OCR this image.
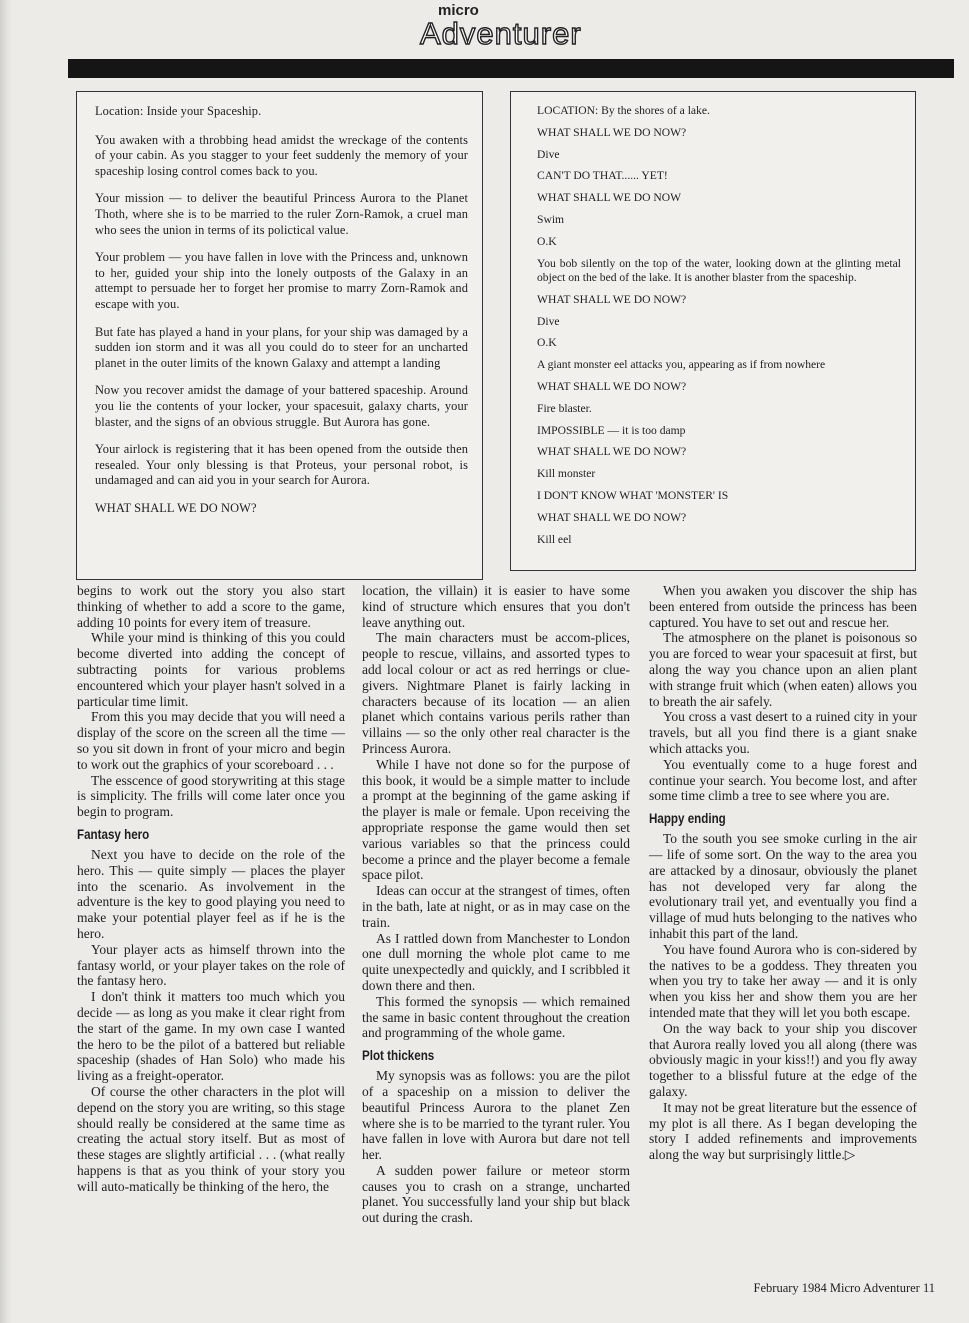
micro
Adventurer

Location: Inside your Spaceship.

You awaken with a throbbing head amidst the wreckage of the contents of your cabin. As you stagger to your feet suddenly the memory of your spaceship losing control comes back to you.

Your mission — to deliver the beautiful Princess Aurora to the Planet Thoth, where she is to be married to the ruler Zorn-Ramok, a cruel man who sees the union in terms of its polictical value.

Your problem — you have fallen in love with the Princess and, unknown to her, guided your ship into the lonely outposts of the Galaxy in an attempt to persuade her to forget her promise to marry Zorn-Ramok and escape with you.

But fate has played a hand in your plans, for your ship was damaged by a sudden ion storm and it was all you could do to steer for an uncharted planet in the outer limits of the known Galaxy and attempt a landing

Now you recover amidst the damage of your battered spaceship. Around you lie the contents of your locker, your spacesuit, galaxy charts, your blaster, and the signs of an obvious struggle. But Aurora has gone.

Your airlock is registering that it has been opened from the outside then resealed. Your only blessing is that Proteus, your personal robot, is undamaged and can aid you in your search for Aurora.

WHAT SHALL WE DO NOW?

LOCATION: By the shores of a lake.

WHAT SHALL WE DO NOW?

Dive

CAN'T DO THAT...... YET!

WHAT SHALL WE DO NOW

Swim

O.K

You bob silently on the top of the water, looking down at the glinting metal object on the bed of the lake. It is another blaster from the spaceship.

WHAT SHALL WE DO NOW?

Dive

O.K

A giant monster eel attacks you, appearing as if from nowhere

WHAT SHALL WE DO NOW?

Fire blaster.

IMPOSSIBLE — it is too damp

WHAT SHALL WE DO NOW?

Kill monster

I DON'T KNOW WHAT 'MONSTER' IS

WHAT SHALL WE DO NOW?

Kill eel

begins to work out the story you also start thinking of whether to add a score to the game, adding 10 points for every item of treasure.

While your mind is thinking of this you could become diverted into adding the concept of subtracting points for various problems encountered which your player hasn't solved in a particular time limit.

From this you may decide that you will need a display of the score on the screen all the time — so you sit down in front of your micro and begin to work out the graphics of your scoreboard . . .

The esscence of good storywriting at this stage is simplicity. The frills will come later once you begin to program.

Fantasy hero

Next you have to decide on the role of the hero. This — quite simply — places the player into the scenario. As involvement in the adventure is the key to good playing you need to make your potential player feel as if he is the hero.

Your player acts as himself thrown into the fantasy world, or your player takes on the role of the fantasy hero.

I don't think it matters too much which you decide — as long as you make it clear right from the start of the game. In my own case I wanted the hero to be the pilot of a battered but reliable spaceship (shades of Han Solo) who made his living as a freight-operator.

Of course the other characters in the plot will depend on the story you are writing, so this stage should really be considered at the same time as creating the actual story itself. But as most of these stages are slightly artificial . . . (what really happens is that as you think of your story you will auto-matically be thinking of the hero, the

location, the villain) it is easier to have some kind of structure which ensures that you don't leave anything out.

The main characters must be accom-plices, people to rescue, villains, and assorted types to add local colour or act as red herrings or clue-givers. Nightmare Planet is fairly lacking in characters because of its location — an alien planet which contains various perils rather than villains — so the only other real character is the Princess Aurora.

While I have not done so for the purpose of this book, it would be a simple matter to include a prompt at the beginning of the game asking if the player is male or female. Upon receiving the appropriate response the game would then set various variables so that the princess could become a prince and the player become a female space pilot.

Ideas can occur at the strangest of times, often in the bath, late at night, or as in may case on the train.

As I rattled down from Manchester to London one dull morning the whole plot came to me quite unexpectedly and quickly, and I scribbled it down there and then.

This formed the synopsis — which remained the same in basic content throughout the creation and programming of the whole game.

Plot thickens

My synopsis was as follows: you are the pilot of a spaceship on a mission to deliver the beautiful Princess Aurora to the planet Zen where she is to be married to the tyrant ruler. You have fallen in love with Aurora but dare not tell her.

A sudden power failure or meteor storm causes you to crash on a strange, uncharted planet. You successfully land your ship but black out during the crash.

When you awaken you discover the ship has been entered from outside the princess has been captured. You have to set out and rescue her.

The atmosphere on the planet is poisonous so you are forced to wear your spacesuit at first, but along the way you chance upon an alien plant with strange fruit which (when eaten) allows you to breath the air safely.

You cross a vast desert to a ruined city in your travels, but all you find there is a giant snake which attacks you.

You eventually come to a huge forest and continue your search. You become lost, and after some time climb a tree to see where you are.

Happy ending

To the south you see smoke curling in the air — life of some sort. On the way to the area you are attacked by a dinosaur, obviously the planet has not developed very far along the evolutionary trail yet, and eventually you find a village of mud huts belonging to the natives who inhabit this part of the land.

You have found Aurora who is con-sidered by the natives to be a goddess. They threaten you when you try to take her away — and it is only when you kiss her and show them you are her intended mate that they will let you both escape.

On the way back to your ship you discover that Aurora really loved you all along (there was obviously magic in your kiss!!) and you fly away together to a blissful future at the edge of the galaxy.

It may not be great literature but the essence of my plot is all there. As I began developing the story I added refinements and improvements along the way but surprisingly little.▷

February 1984 Micro Adventurer 11
